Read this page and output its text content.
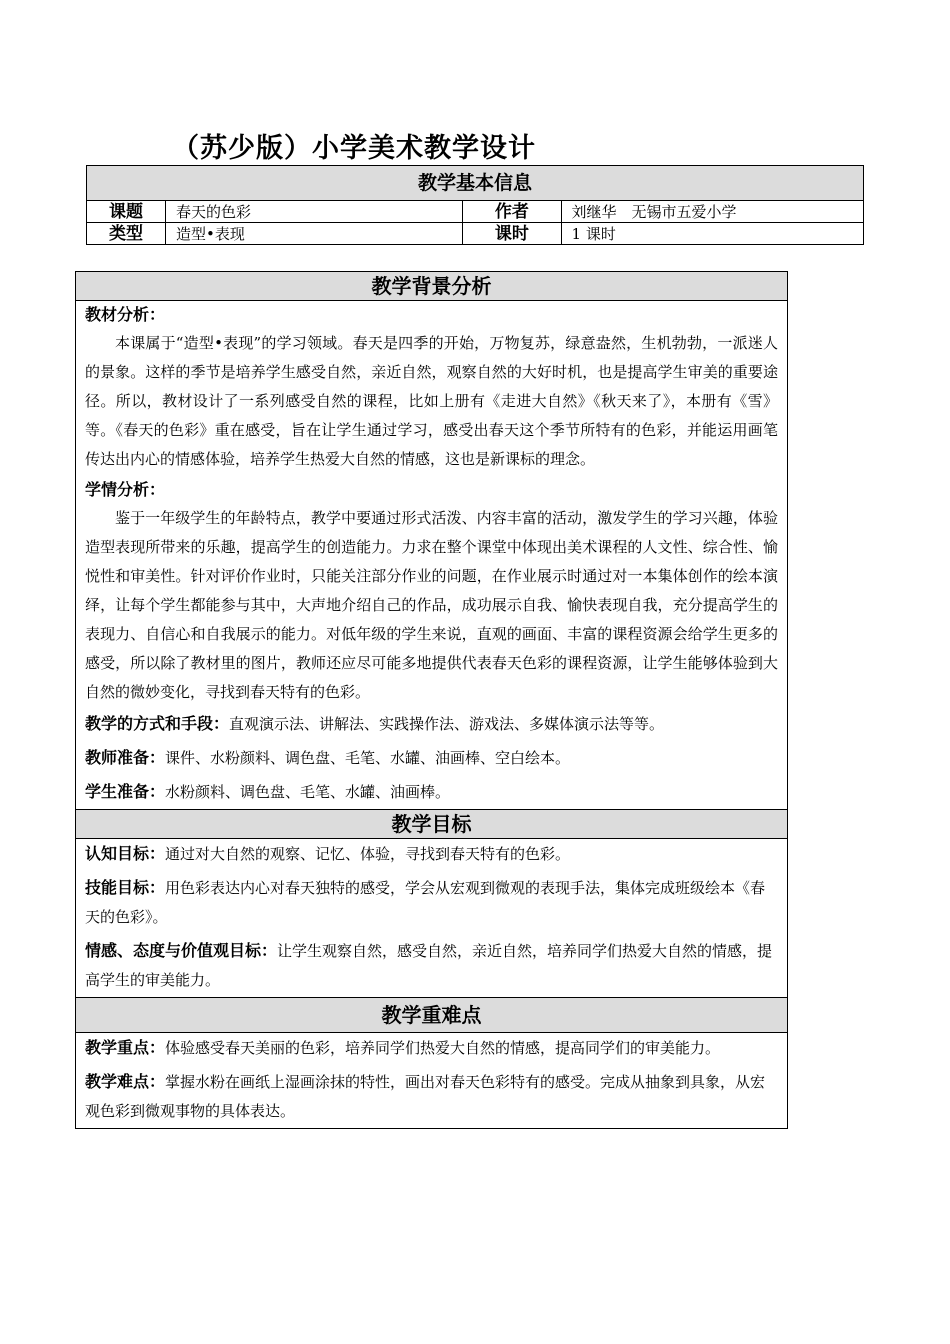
（苏少版）小学美术教学设计
教学基本信息			
课题	春天的色彩	作者	刘继华　无锡市五爱小学
类型	造型•表现	课时	1 课时
教学背景分析
教材分析：

本课属于“造型•表现”的学习领域。春天是四季的开始，万物复苏，绿意盎然，生机勃勃，一派迷人的景象。这样的季节是培养学生感受自然，亲近自然，观察自然的大好时机，也是提高学生审美的重要途径。所以，教材设计了一系列感受自然的课程，比如上册有《走进大自然》《秋天来了》，本册有《雪》等。《春天的色彩》重在感受，旨在让学生通过学习，感受出春天这个季节所特有的色彩，并能运用画笔传达出内心的情感体验，培养学生热爱大自然的情感，这也是新课标的理念。

学情分析：

鉴于一年级学生的年龄特点，教学中要通过形式活泼、内容丰富的活动，激发学生的学习兴趣，体验造型表现所带来的乐趣，提高学生的创造能力。力求在整个课堂中体现出美术课程的人文性、综合性、愉悦性和审美性。针对评价作业时，只能关注部分作业的问题，在作业展示时通过对一本集体创作的绘本演绎，让每个学生都能参与其中，大声地介绍自己的作品，成功展示自我、愉快表现自我，充分提高学生的表现力、自信心和自我展示的能力。对低年级的学生来说，直观的画面、丰富的课程资源会给学生更多的感受，所以除了教材里的图片，教师还应尽可能多地提供代表春天色彩的课程资源，让学生能够体验到大自然的微妙变化，寻找到春天特有的色彩。

教学的方式和手段：直观演示法、讲解法、实践操作法、游戏法、多媒体演示法等等。

教师准备：课件、水粉颜料、调色盘、毛笔、水罐、油画棒、空白绘本。

学生准备：水粉颜料、调色盘、毛笔、水罐、油画棒。

教学目标

认知目标：通过对大自然的观察、记忆、体验，寻找到春天特有的色彩。

技能目标：用色彩表达内心对春天独特的感受，学会从宏观到微观的表现手法，集体完成班级绘本《春天的色彩》。

情感、态度与价值观目标：让学生观察自然，感受自然，亲近自然，培养同学们热爱大自然的情感，提高学生的审美能力。

教学重难点

教学重点：体验感受春天美丽的色彩，培养同学们热爱大自然的情感，提高同学们的审美能力。

教学难点：掌握水粉在画纸上湿画涂抹的特性，画出对春天色彩特有的感受。完成从抽象到具象，从宏观色彩到微观事物的具体表达。
